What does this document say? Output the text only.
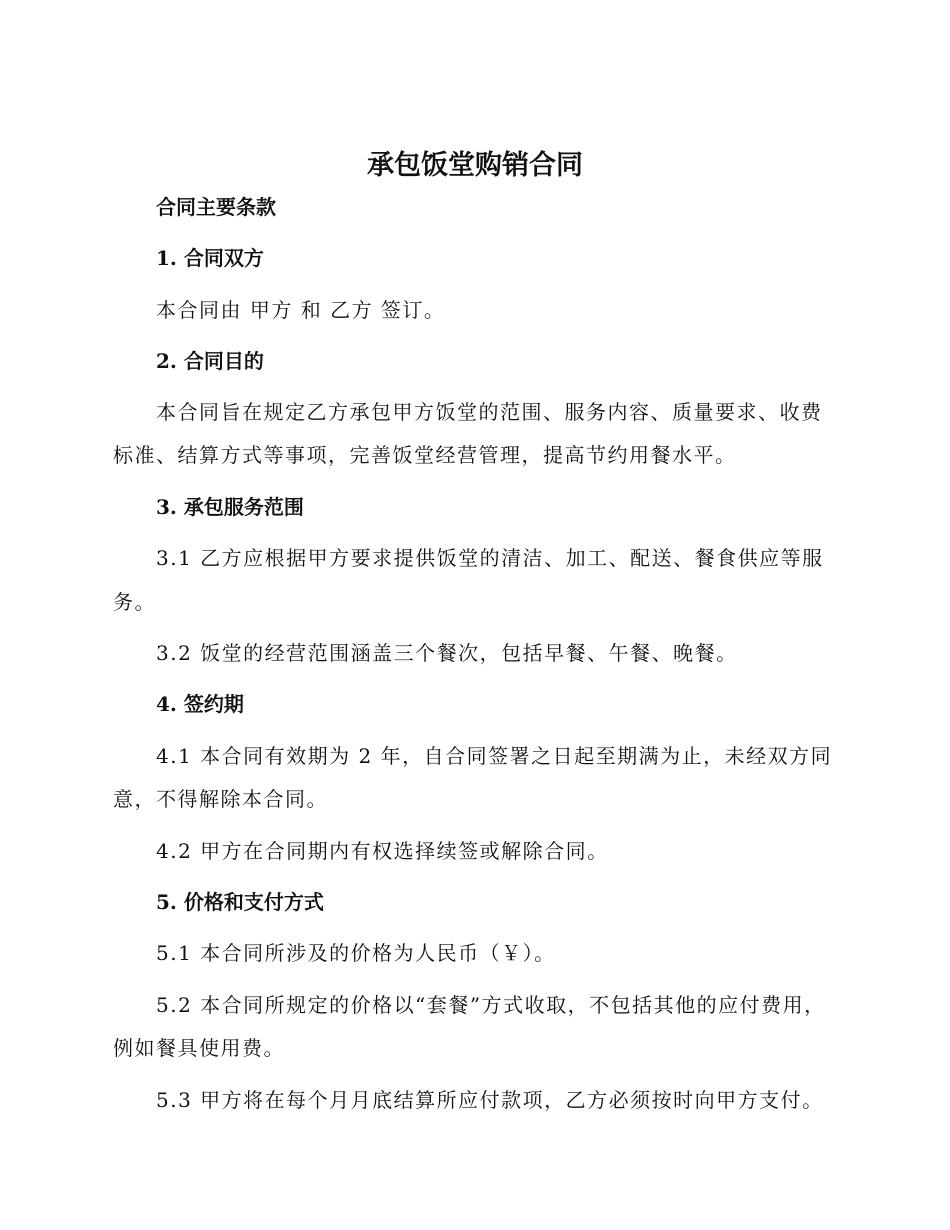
承包饭堂购销合同
合同主要条款
1. 合同双方
本合同由 甲方 和 乙方 签订。
2. 合同目的
本合同旨在规定乙方承包甲方饭堂的范围、服务内容、质量要求、收费
标准、结算方式等事项，完善饭堂经营管理，提高节约用餐水平。
3. 承包服务范围
3.1 乙方应根据甲方要求提供饭堂的清洁、加工、配送、餐食供应等服
务。
3.2 饭堂的经营范围涵盖三个餐次，包括早餐、午餐、晚餐。
4. 签约期
4.1 本合同有效期为 2 年，自合同签署之日起至期满为止，未经双方同
意，不得解除本合同。
4.2 甲方在合同期内有权选择续签或解除合同。
5. 价格和支付方式
5.1 本合同所涉及的价格为人民币（￥）。
5.2 本合同所规定的价格以“套餐”方式收取，不包括其他的应付费用，
例如餐具使用费。
5.3 甲方将在每个月月底结算所应付款项，乙方必须按时向甲方支付。
